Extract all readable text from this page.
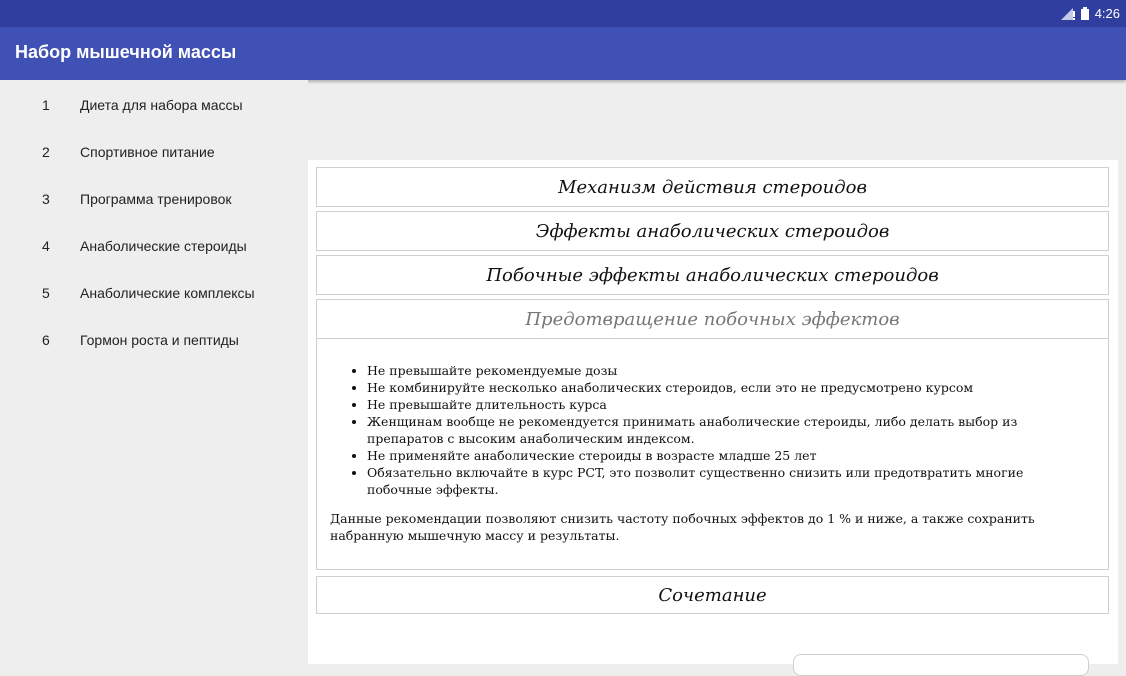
4:26
Набор мышечной массы
1	Диета для набора массы
2	Спортивное питание
3	Программа тренировок
4	Анаболические стероиды
5	Анаболические комплексы
6	Гормон роста и пептиды
Механизм действия стероидов
Эффекты анаболических стероидов
Побочные эффекты анаболических стероидов
Предотвращение побочных эффектов
• Не превышайте рекомендуемые дозы
• Не комбинируйте несколько анаболических стероидов, если это не предусмотрено курсом
• Не превышайте длительность курса
• Женщинам вообще не рекомендуется принимать анаболические стероиды, либо делать выбор из препаратов с высоким анаболическим индексом.
• Не применяйте анаболические стероиды в возрасте младше 25 лет
• Обязательно включайте в курс PCT, это позволит существенно снизить или предотвратить многие побочные эффекты.

Данные рекомендации позволяют снизить частоту побочных эффектов до 1 % и ниже, а также сохранить набранную мышечную массу и результаты.

Сочетание
